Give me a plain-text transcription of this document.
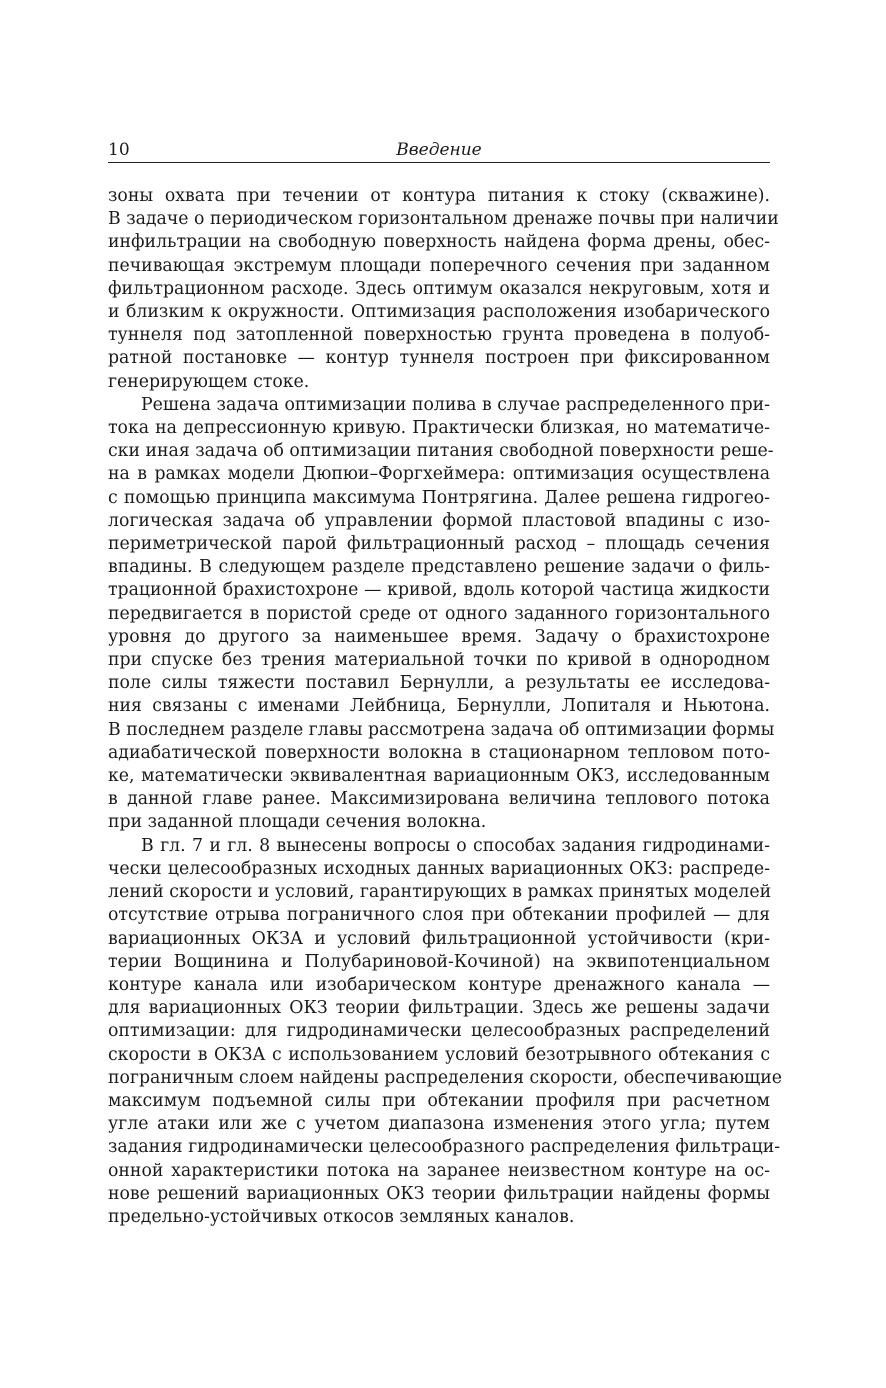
10	Введение

зоны охвата при течении от контура питания к стоку (скважине).
В задаче о периодическом горизонтальном дренаже почвы при наличии
инфильтрации на свободную поверхность найдена форма дрены, обес-
печивающая экстремум площади поперечного сечения при заданном
фильтрационном расходе. Здесь оптимум оказался некруговым, хотя и
и близким к окружности. Оптимизация расположения изобарического
туннеля под затопленной поверхностью грунта проведена в полуоб-
ратной постановке — контур туннеля построен при фиксированном
генерирующем стоке.

Решена задача оптимизации полива в случае распределенного при-
тока на депрессионную кривую. Практически близкая, но математиче-
ски иная задача об оптимизации питания свободной поверхности реше-
на в рамках модели Дюпюи–Форгхеймера: оптимизация осуществлена
с помощью принципа максимума Понтрягина. Далее решена гидрогео-
логическая задача об управлении формой пластовой впадины с изо-
периметрической парой фильтрационный расход – площадь сечения
впадины. В следующем разделе представлено решение задачи о филь-
трационной брахистохроне — кривой, вдоль которой частица жидкости
передвигается в пористой среде от одного заданного горизонтального
уровня до другого за наименьшее время. Задачу о брахистохроне
при спуске без трения материальной точки по кривой в однородном
поле силы тяжести поставил Бернулли, а результаты ее исследова-
ния связаны с именами Лейбница, Бернулли, Лопиталя и Ньютона.
В последнем разделе главы рассмотрена задача об оптимизации формы
адиабатической поверхности волокна в стационарном тепловом пото-
ке, математически эквивалентная вариационным ОКЗ, исследованным
в данной главе ранее. Максимизирована величина теплового потока
при заданной площади сечения волокна.

В гл. 7 и гл. 8 вынесены вопросы о способах задания гидродинами-
чески целесообразных исходных данных вариационных ОКЗ: распреде-
лений скорости и условий, гарантирующих в рамках принятых моделей
отсутствие отрыва пограничного слоя при обтекании профилей — для
вариационных ОКЗА и условий фильтрационной устойчивости (кри-
терии Вощинина и Полубариновой-Кочиной) на эквипотенциальном
контуре канала или изобарическом контуре дренажного канала —
для вариационных ОКЗ теории фильтрации. Здесь же решены задачи
оптимизации: для гидродинамически целесообразных распределений
скорости в ОКЗА с использованием условий безотрывного обтекания с
пограничным слоем найдены распределения скорости, обеспечивающие
максимум подъемной силы при обтекании профиля при расчетном
угле атаки или же с учетом диапазона изменения этого угла; путем
задания гидродинамически целесообразного распределения фильтраци-
онной характеристики потока на заранее неизвестном контуре на ос-
нове решений вариационных ОКЗ теории фильтрации найдены формы
предельно-устойчивых откосов земляных каналов.
